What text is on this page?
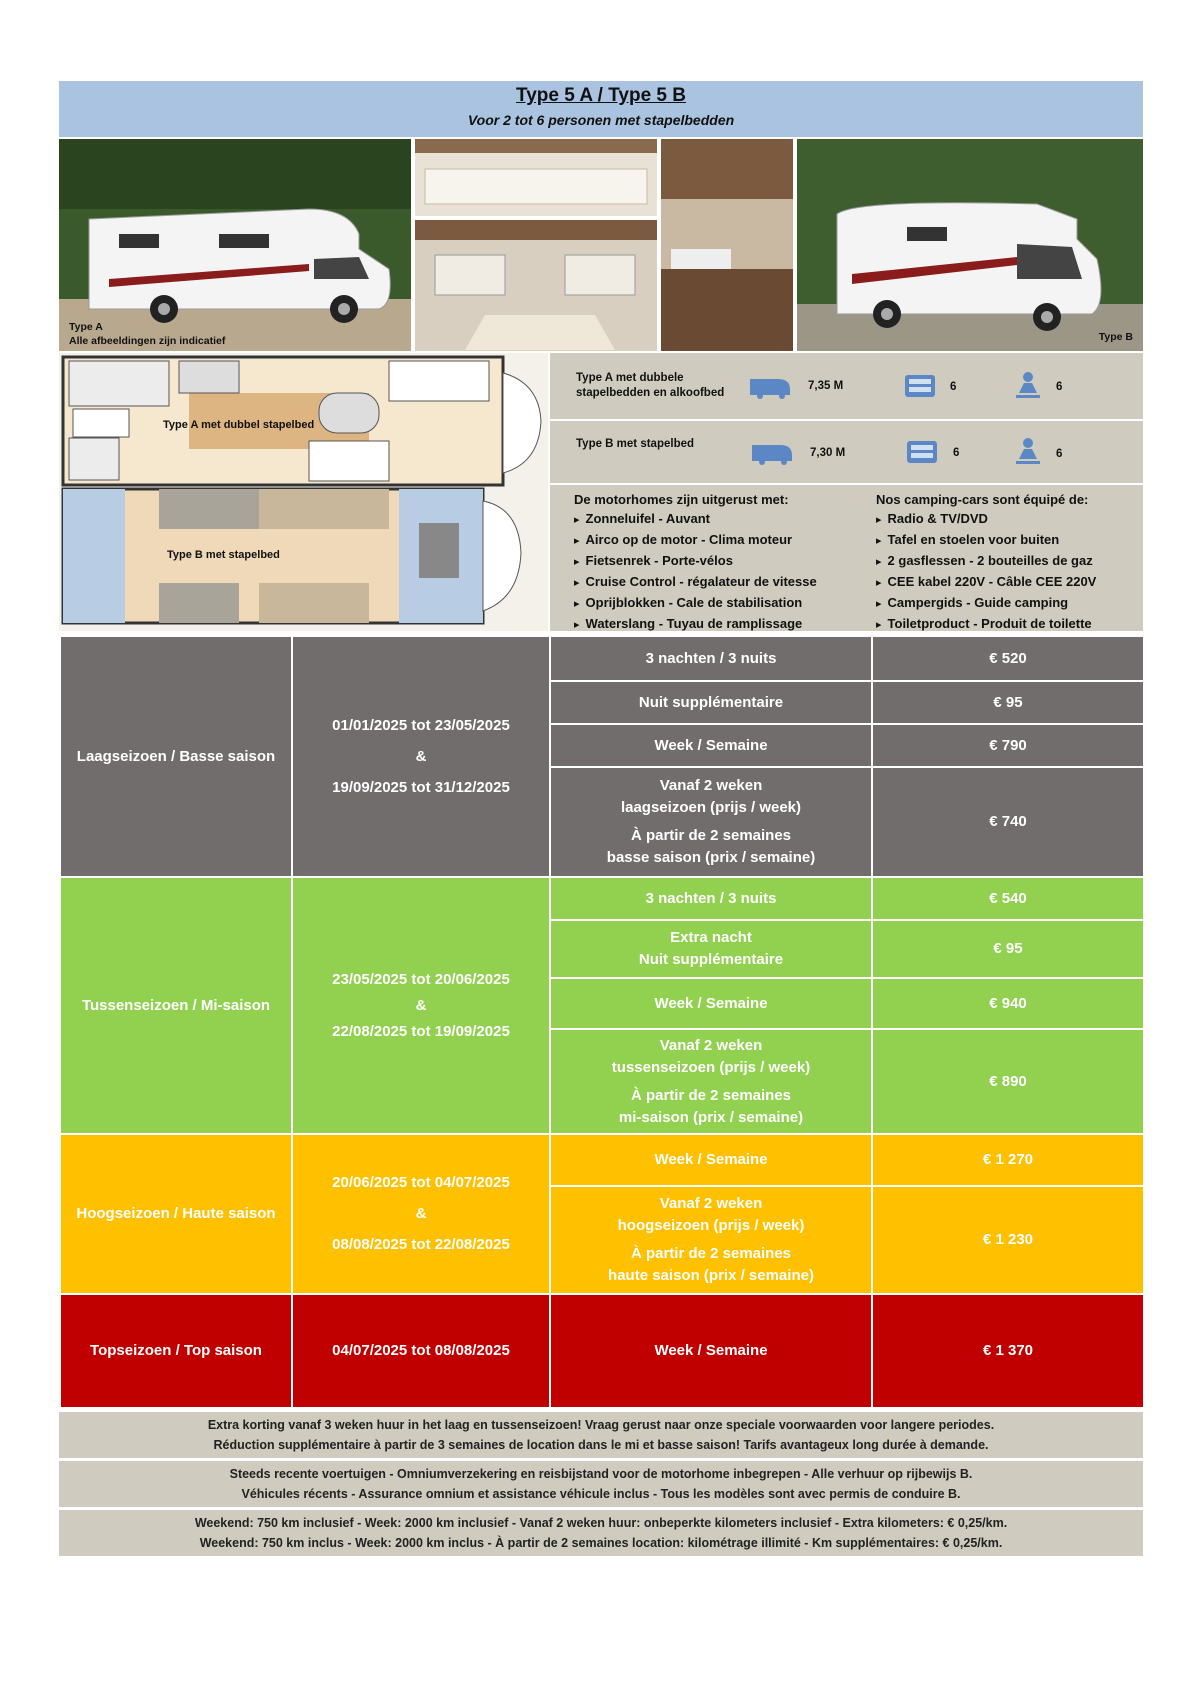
Type 5 A / Type 5 B
Voor 2 tot 6 personen met stapelbedden
Type A
Alle afbeeldingen zijn indicatief	Type B
Type A met dubbel stapelbed
Type B met stapelbed
Type A met dubbele stapelbedden en alkoofbed
7,35 M	6	6
Type B met stapelbed
7,30 M	6	6
De motorhomes zijn uitgerust met:
▸ Zonneluifel - Auvant
▸ Airco op de motor - Clima moteur
▸ Fietsenrek - Porte-vélos
▸ Cruise Control - régalateur de vitesse
▸ Oprijblokken - Cale de stabilisation
▸ Waterslang - Tuyau de ramplissage
Nos camping-cars sont équipé de:
▸ Radio & TV/DVD
▸ Tafel en stoelen voor buiten
▸ 2 gasflessen - 2 bouteilles de gaz
▸ CEE kabel 220V - Câble CEE 220V
▸ Campergids - Guide camping
▸ Toiletproduct - Produit de toilette
Laagseizoen / Basse saison	01/01/2025 tot 23/05/2025
&
19/09/2025 tot 31/12/2025	3 nachten / 3 nuits	€ 520
		Nuit supplémentaire	€ 95
		Week / Semaine	€ 790

		Vanaf 2 weken
laagseizoen (prijs / week)
À partir de 2 semaines
basse saison (prix / semaine)	€ 740
Tussenseizoen / Mi-saison	23/05/2025 tot 20/06/2025
&
22/08/2025 tot 19/09/2025	3 nachten / 3 nuits	€ 540

		Extra nacht
Nuit supplémentaire	€ 95
		Week / Semaine	€ 940

		Vanaf 2 weken
tussenseizoen (prijs / week)
À partir de 2 semaines
mi-saison (prix / semaine)	€ 890
Hoogseizoen / Haute saison	20/06/2025 tot 04/07/2025
&
08/08/2025 tot 22/08/2025	Week / Semaine	€ 1 270

		Vanaf 2 weken
hoogseizoen (prijs / week)
À partir de 2 semaines
haute saison (prix / semaine)	€ 1 230
Topseizoen / Top saison	04/07/2025 tot 08/08/2025	Week / Semaine	€ 1 370
Extra korting vanaf 3 weken huur in het laag en tussenseizoen! Vraag gerust naar onze speciale voorwaarden voor langere periodes.
Réduction supplémentaire à partir de 3 semaines de location dans le mi et basse saison! Tarifs avantageux long durée à demande.
Steeds recente voertuigen - Omniumverzekering en reisbijstand voor de motorhome inbegrepen - Alle verhuur op rijbewijs B.
Véhicules récents - Assurance omnium et assistance véhicule inclus - Tous les modèles sont avec permis de conduire B.
Weekend: 750 km inclusief - Week: 2000 km inclusief - Vanaf 2 weken huur: onbeperkte kilometers inclusief - Extra kilometers: € 0,25/km.
Weekend: 750 km inclus - Week: 2000 km inclus - À partir de 2 semaines location: kilométrage illimité - Km supplémentaires: € 0,25/km.
